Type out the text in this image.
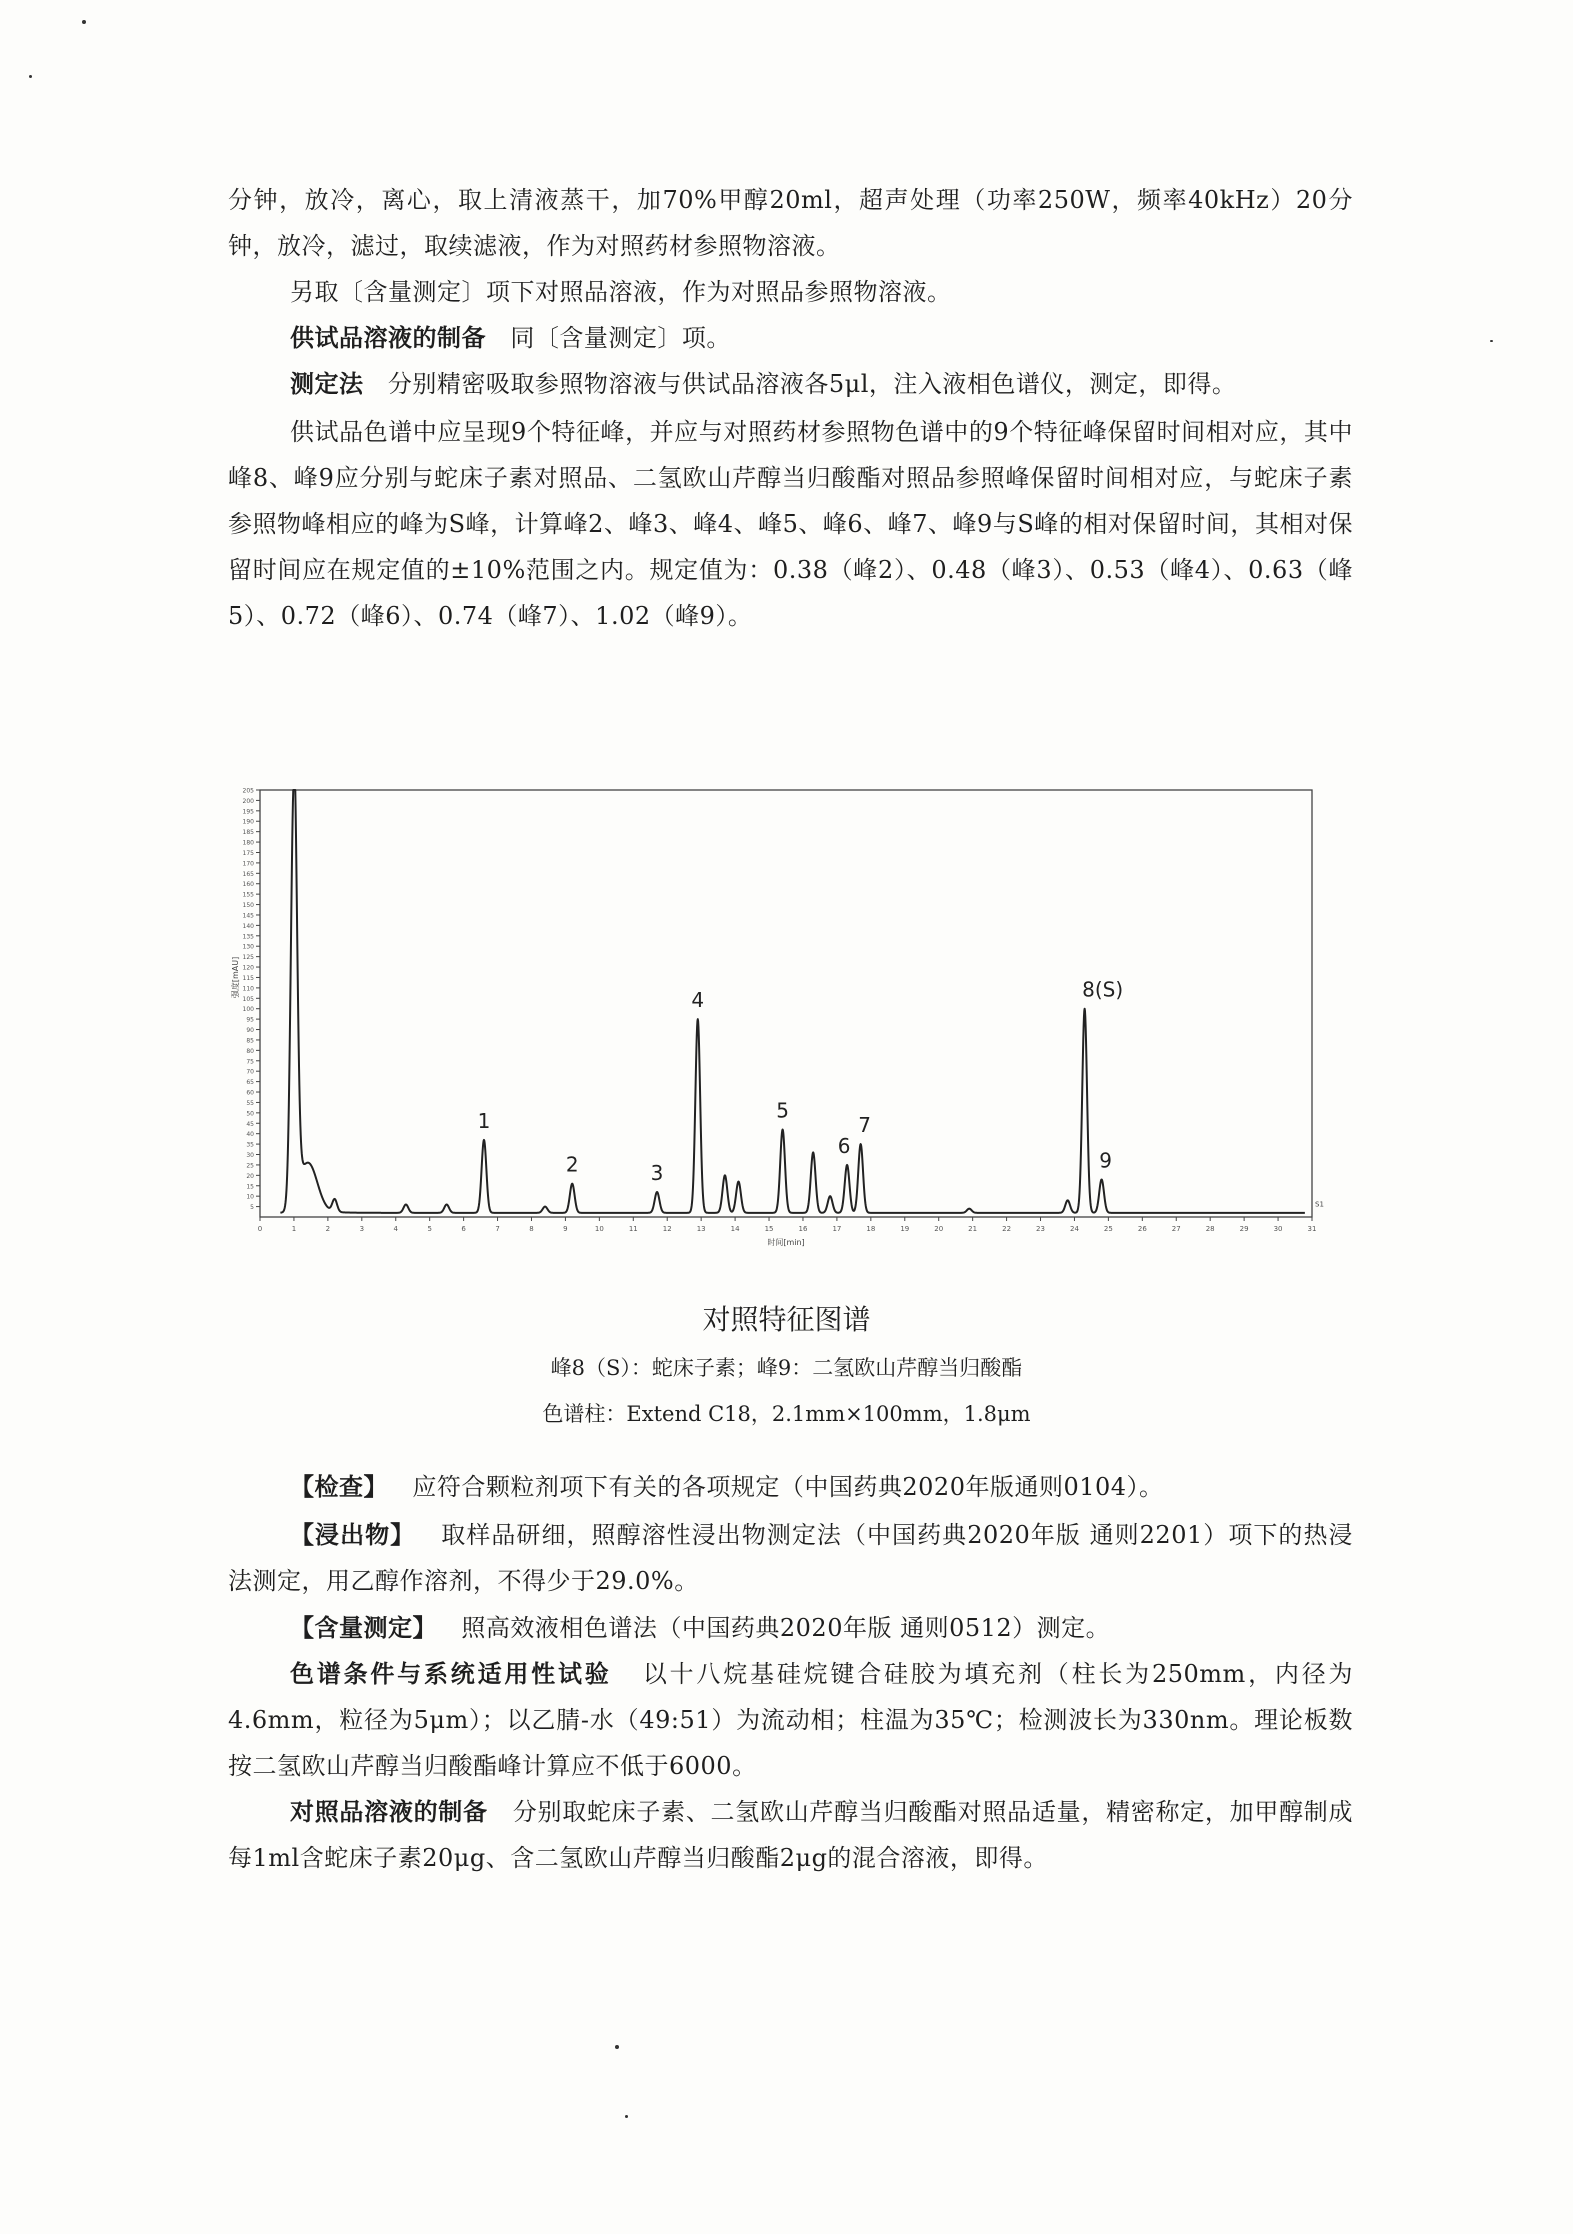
分钟，放冷，离心，取上清液蒸干，加70%甲醇20ml，超声处理（功率250W，频率40kHz）20分钟，放冷，滤过，取续滤液，作为对照药材参照物溶液。

另取〔含量测定〕项下对照品溶液，作为对照品参照物溶液。

供试品溶液的制备 同〔含量测定〕项。

测定法 分别精密吸取参照物溶液与供试品溶液各5μl，注入液相色谱仪，测定，即得。

供试品色谱中应呈现9个特征峰，并应与对照药材参照物色谱中的9个特征峰保留时间相对应，其中峰8、峰9应分别与蛇床子素对照品、二氢欧山芹醇当归酸酯对照品参照峰保留时间相对应，与蛇床子素参照物峰相应的峰为S峰，计算峰2、峰3、峰4、峰5、峰6、峰7、峰9与S峰的相对保留时间，其相对保留时间应在规定值的±10%范围之内。规定值为：0.38（峰2）、0.48（峰3）、0.53（峰4）、0.63（峰5）、0.72（峰6）、0.74（峰7）、1.02（峰9）。

5
10
15
20
25
30
35
40
45
50
55
60
65
70
75
80
85
90
95
100
105
110
115
120
125
130
135
140
145
150
155
160
165
170
175
180
185
190
195
200
205
0	1	2	3	4	5	6	7	8	9	10	11	12	13	14	15	16	17	18	19	20	21	22	23	24	25	26	27	28	29	30	31
强度[mAU]
时间[min]
S1
1
2	3
4
5
6
7
8(S)
9
对照特征图谱
峰8（S）：蛇床子素；峰9：二氢欧山芹醇当归酸酯
色谱柱：Extend C18，2.1mm×100mm，1.8μm

【检查】 应符合颗粒剂项下有关的各项规定（中国药典2020年版通则0104）。

【浸出物】 取样品研细，照醇溶性浸出物测定法（中国药典2020年版 通则2201）项下的热浸法测定，用乙醇作溶剂，不得少于29.0%。

【含量测定】 照高效液相色谱法（中国药典2020年版 通则0512）测定。

色谱条件与系统适用性试验 以十八烷基硅烷键合硅胶为填充剂（柱长为250mm，内径为4.6mm，粒径为5μm）；以乙腈-水（49:51）为流动相；柱温为35℃；检测波长为330nm。理论板数按二氢欧山芹醇当归酸酯峰计算应不低于6000。

对照品溶液的制备 分别取蛇床子素、二氢欧山芹醇当归酸酯对照品适量，精密称定，加甲醇制成每1ml含蛇床子素20μg、含二氢欧山芹醇当归酸酯2μg的混合溶液，即得。
